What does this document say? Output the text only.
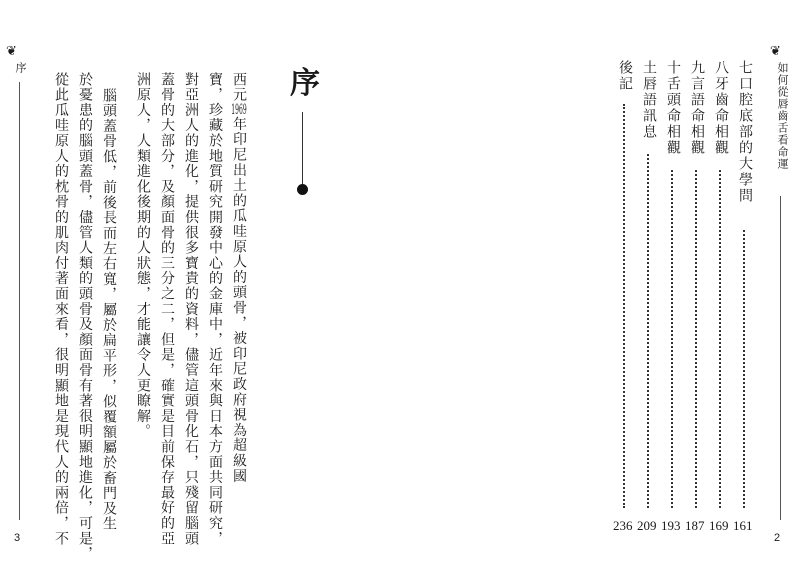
❦
序
3
西元1969年印尼出土的瓜哇原人的頭骨，被印尼政府視為超級國
寶，珍藏於地質研究開發中心的金庫中，近年來與日本方面共同研究，
對亞洲人的進化，提供很多寶貴的資料，儘管這頭骨化石，只殘留腦頭
蓋骨的大部分，及顏面骨的三分之二，但是，確實是目前保存最好的亞
洲原人，人類進化後期的人狀態，才能讓令人更瞭解。
腦頭蓋骨低，前後長而左右寬，屬於扁平形，似覆額屬於畜門及生
於憂患的腦頭蓋骨，儘管人類的頭骨及顏面骨有著很明顯地進化，可是，
從此瓜哇原人的枕骨的肌肉付著面來看，很明顯地是現代人的兩倍，不	序
❦
如何從唇齒舌看命運
2
七口腔底部的大學問
161
八牙齒命相觀
169
九言語命相觀
187
十舌頭命相觀
193
土唇語訊息
209
後記
236
